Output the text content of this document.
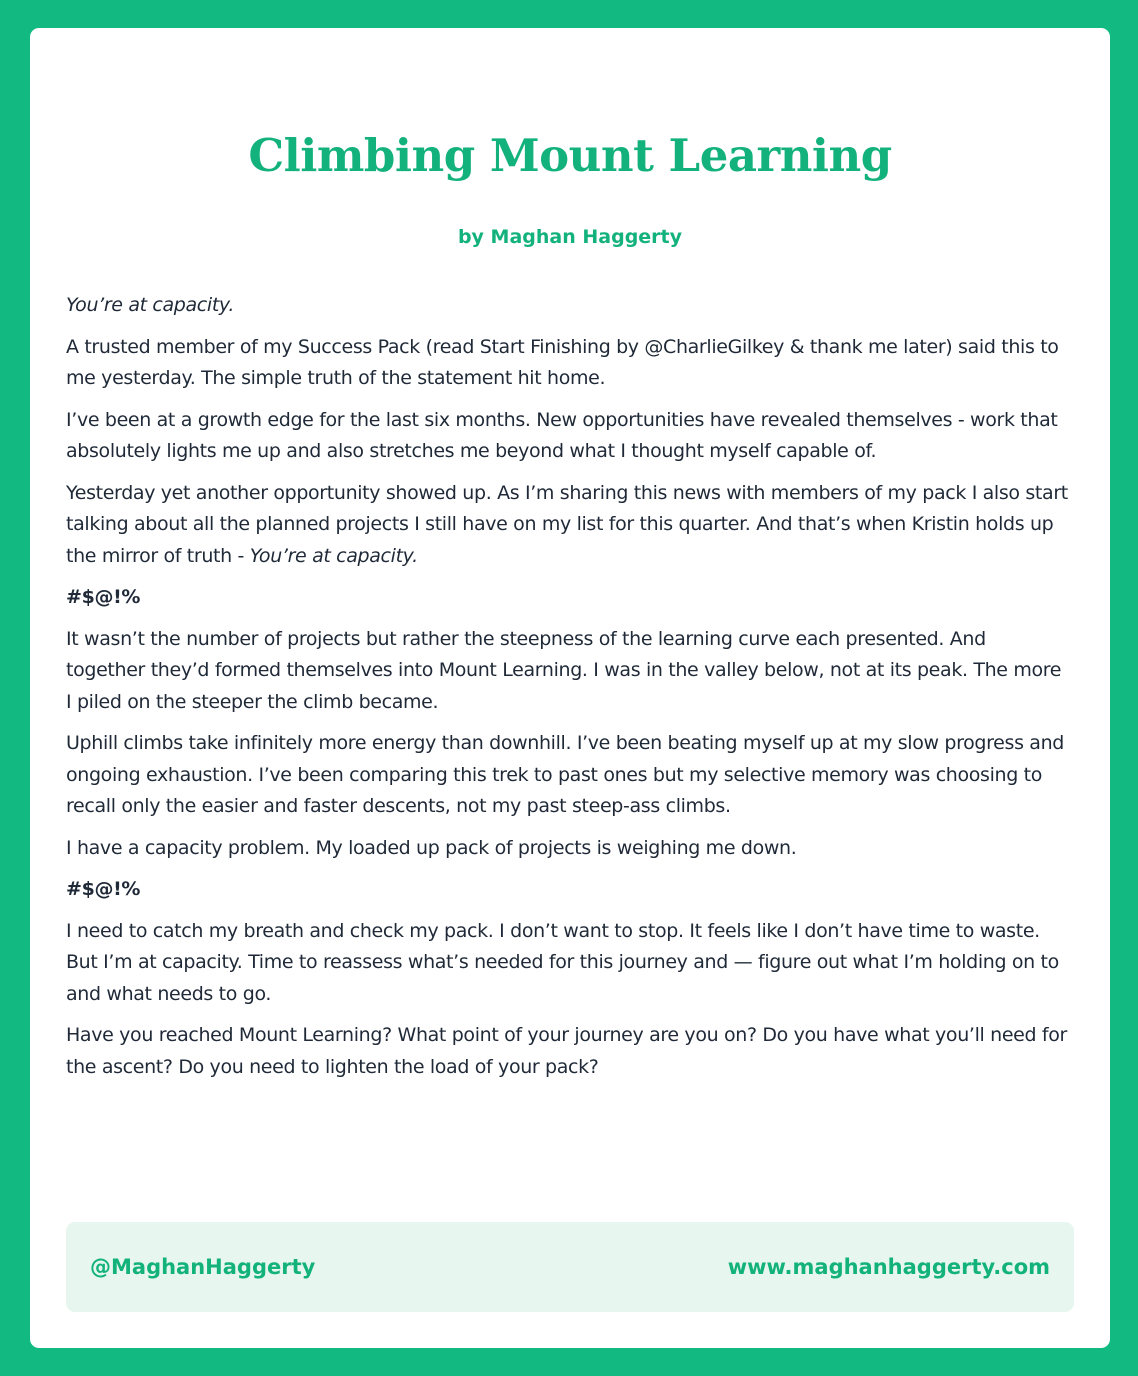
Climbing Mount Learning
by Maghan Haggerty

You’re at capacity.

A trusted member of my Success Pack (read Start Finishing by @CharlieGilkey & thank me later) said this to me yesterday. The simple truth of the statement hit home.

I’ve been at a growth edge for the last six months. New opportunities have revealed themselves - work that absolutely lights me up and also stretches me beyond what I thought myself capable of.

Yesterday yet another opportunity showed up. As I’m sharing this news with members of my pack I also start talking about all the planned projects I still have on my list for this quarter. And that’s when Kristin holds up the mirror of truth - You’re at capacity.

#$@!%

It wasn’t the number of projects but rather the steepness of the learning curve each presented. And together they’d formed themselves into Mount Learning. I was in the valley below, not at its peak. The more I piled on the steeper the climb became.

Uphill climbs take infinitely more energy than downhill. I’ve been beating myself up at my slow progress and ongoing exhaustion. I’ve been comparing this trek to past ones but my selective memory was choosing to recall only the easier and faster descents, not my past steep-ass climbs.

I have a capacity problem. My loaded up pack of projects is weighing me down.

#$@!%

I need to catch my breath and check my pack. I don’t want to stop. It feels like I don’t have time to waste. But I’m at capacity. Time to reassess what’s needed for this journey and — figure out what I’m holding on to and what needs to go.

Have you reached Mount Learning? What point of your journey are you on? Do you have what you’ll need for the ascent? Do you need to lighten the load of your pack?

@MaghanHaggerty	www.maghanhaggerty.com
